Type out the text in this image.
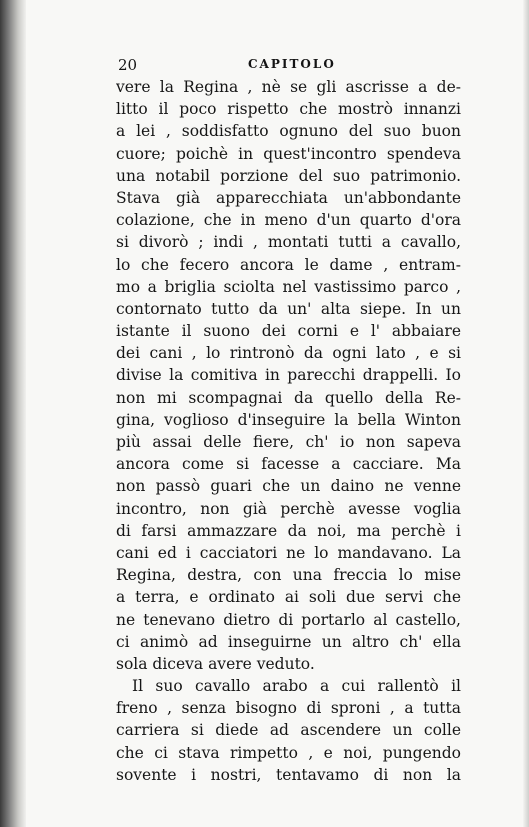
20	CAPITOLO
vere la Regina , nè se gli ascrisse a de-
litto il poco rispetto che mostrò innanzi
a lei , soddisfatto ognuno del suo buon
cuore; poichè in quest'incontro spendeva
una notabil porzione del suo patrimonio.
Stava già apparecchiata un'abbondante
colazione, che in meno d'un quarto d'ora
si divorò ; indi , montati tutti a cavallo,
lo che fecero ancora le dame , entram-
mo a briglia sciolta nel vastissimo parco ,
contornato tutto da un' alta siepe. In un
istante il suono dei corni e l' abbaiare
dei cani , lo rintronò da ogni lato , e si
divise la comitiva in parecchi drappelli. Io
non mi scompagnai da quello della Re-
gina, voglioso d'inseguire la bella Winton
più assai delle fiere, ch' io non sapeva
ancora come si facesse a cacciare. Ma
non passò guari che un daino ne venne
incontro, non già perchè avesse voglia
di farsi ammazzare da noi, ma perchè i
cani ed i cacciatori ne lo mandavano. La
Regina, destra, con una freccia lo mise
a terra, e ordinato ai soli due servi che
ne tenevano dietro di portarlo al castello,
ci animò ad inseguirne un altro ch' ella
sola diceva avere veduto.
Il suo cavallo arabo a cui rallentò il
freno , senza bisogno di sproni , a tutta
carriera si diede ad ascendere un colle
che ci stava rimpetto , e noi, pungendo
sovente i nostri, tentavamo di non la
